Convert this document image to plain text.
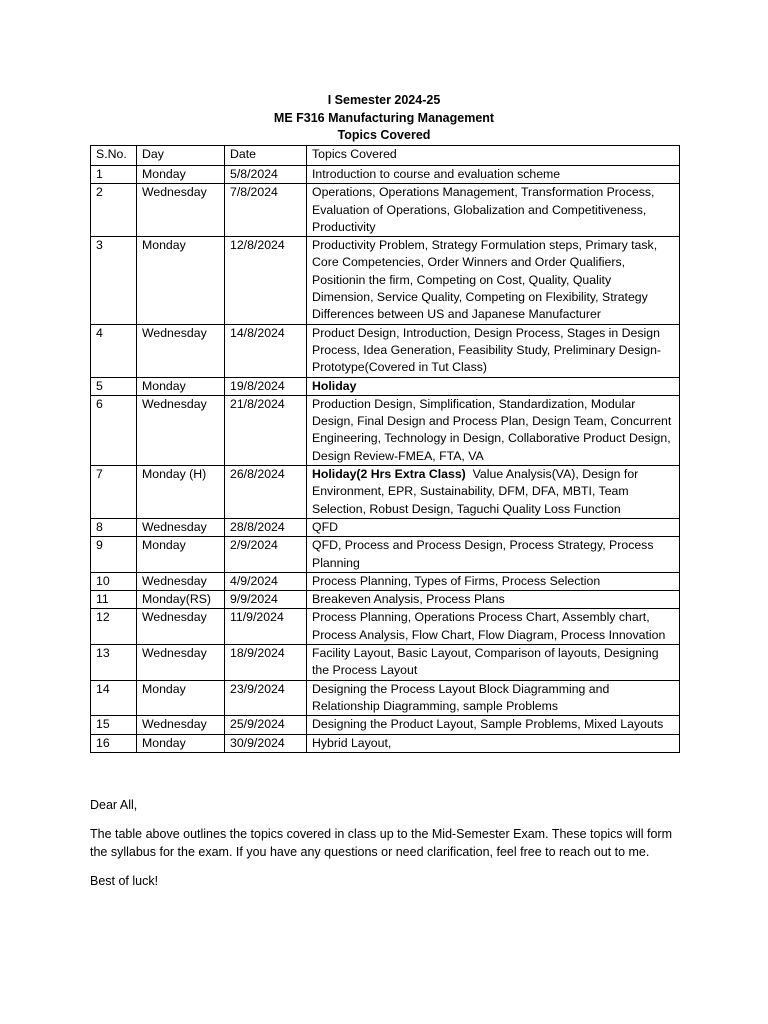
I Semester 2024-25
ME F316 Manufacturing Management
Topics Covered
S.No.	Day	Date	Topics Covered
1	Monday	5/8/2024	Introduction to course and evaluation scheme
2	Wednesday	7/8/2024	Operations, Operations Management, Transformation Process, Evaluation of Operations, Globalization and Competitiveness, Productivity
3	Monday	12/8/2024	Productivity Problem, Strategy Formulation steps, Primary task, Core Competencies, Order Winners and Order Qualifiers, Positionin the firm, Competing on Cost, Quality, Quality Dimension, Service Quality, Competing on Flexibility, Strategy Differences between US and Japanese Manufacturer
4	Wednesday	14/8/2024	Product Design, Introduction, Design Process, Stages in Design Process, Idea Generation, Feasibility Study, Preliminary Design-Prototype(Covered in Tut Class)
5	Monday	19/8/2024	Holiday
6	Wednesday	21/8/2024	Production Design, Simplification, Standardization, Modular Design, Final Design and Process Plan, Design Team, Concurrent Engineering, Technology in Design, Collaborative Product Design, Design Review-FMEA, FTA, VA
7	Monday (H)	26/8/2024	Holiday(2 Hrs Extra Class) Value Analysis(VA), Design for Environment, EPR, Sustainability, DFM, DFA, MBTI, Team Selection, Robust Design, Taguchi Quality Loss Function
8	Wednesday	28/8/2024	QFD
9	Monday	2/9/2024	QFD, Process and Process Design, Process Strategy, Process Planning
10	Wednesday	4/9/2024	Process Planning, Types of Firms, Process Selection
11	Monday(RS)	9/9/2024	Breakeven Analysis, Process Plans
12	Wednesday	11/9/2024	Process Planning, Operations Process Chart, Assembly chart, Process Analysis, Flow Chart, Flow Diagram, Process Innovation
13	Wednesday	18/9/2024	Facility Layout, Basic Layout, Comparison of layouts, Designing the Process Layout
14	Monday	23/9/2024	Designing the Process Layout Block Diagramming and Relationship Diagramming, sample Problems
15	Wednesday	25/9/2024	Designing the Product Layout, Sample Problems, Mixed Layouts
16	Monday	30/9/2024	Hybrid Layout,

Dear All,

The table above outlines the topics covered in class up to the Mid-Semester Exam. These topics will form the syllabus for the exam. If you have any questions or need clarification, feel free to reach out to me.

Best of luck!
